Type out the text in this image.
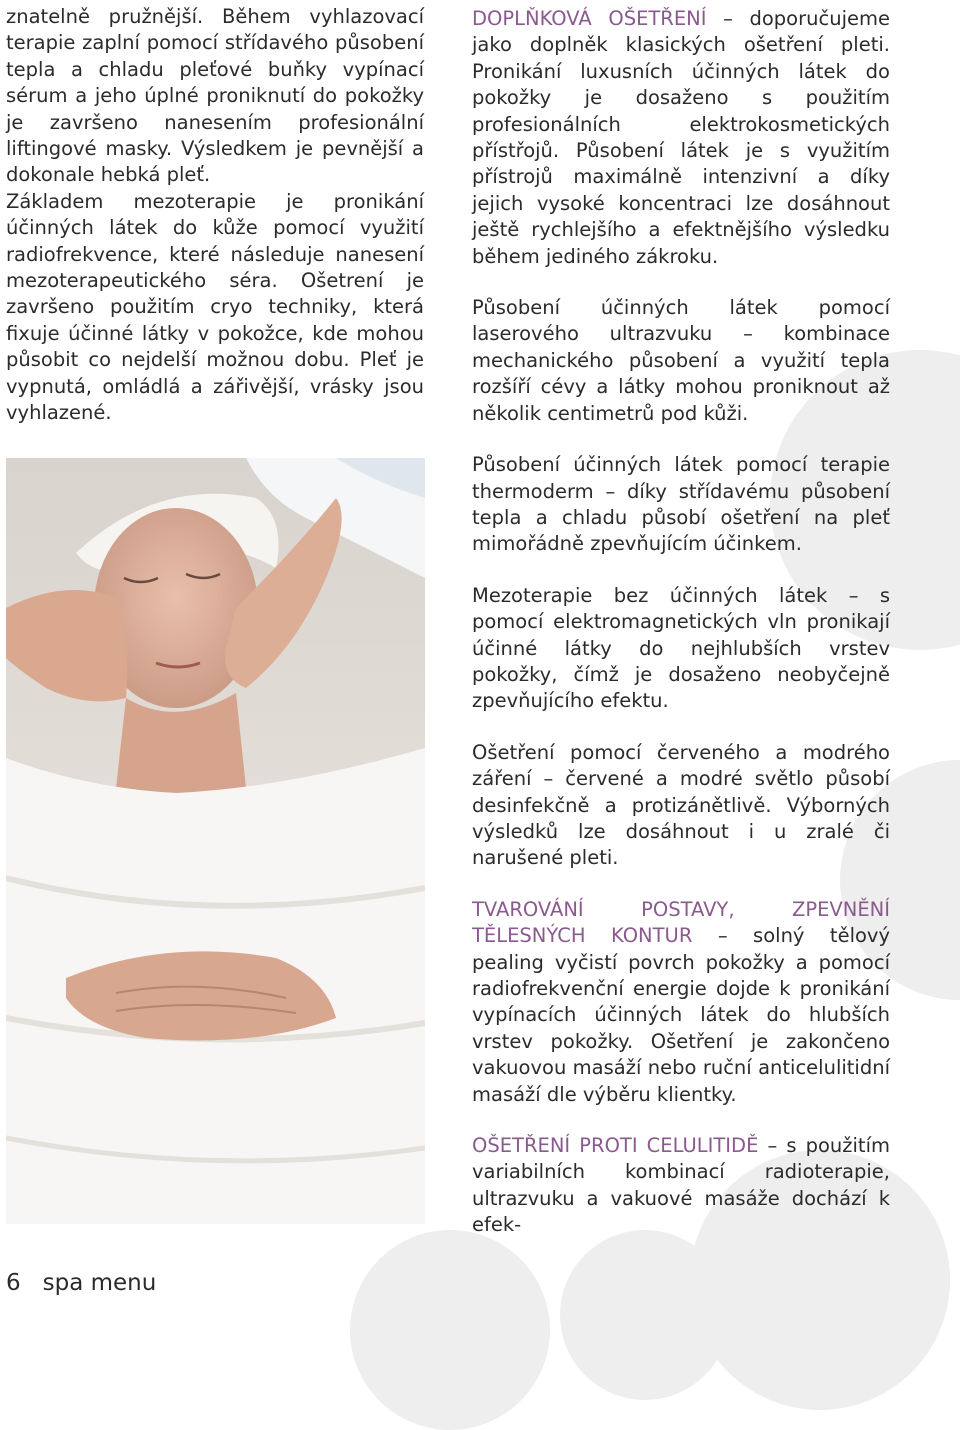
znatelně pružnější. Během vyhlazovací terapie zaplní pomocí střídavého působení tepla a chladu pleťové buňky vypínací sérum a jeho úplné proniknutí do pokožky je završeno nanesením profesionální liftingové masky. Výsledkem je pevnější a dokonale hebká pleť.

Základem mezoterapie je pronikání účinných látek do kůže pomocí využití radiofrekvence, které následuje nanesení mezoterapeutického séra. Ošetrení je završeno použitím cryo techniky, která fixuje účinné látky v pokožce, kde mohou působit co nejdelší možnou dobu. Pleť je vypnutá, omládlá a zářivější, vrásky jsou vyhlazené.

DOPLŇKOVÁ OŠETŘENÍ – doporučujeme jako doplněk klasických ošetření pleti. Pronikání luxusních účinných látek do pokožky je dosaženo s použitím profesionálních elektrokosmetických přístřojů. Působení látek je s využitím přístrojů maximálně intenzivní a díky jejich vysoké koncentraci lze dosáhnout ještě rychlejšího a efektnějšího výsledku během jediného zákroku.

Působení účinných látek pomocí laserového ultrazvuku – kombinace mechanického působení a využití tepla rozšíří cévy a látky mohou proniknout až několik centimetrů pod kůži.

Působení účinných látek pomocí terapie thermoderm – díky střídavému působení tepla a chladu působí ošetření na pleť mimořádně zpevňujícím účinkem.

Mezoterapie bez účinných látek – s pomocí elektromagnetických vln pronikají účinné látky do nejhlubších vrstev pokožky, čímž je dosaženo neobyčejně zpevňujícího efektu.

Ošetření pomocí červeného a modrého záření – červené a modré světlo působí desinfekčně a protizánětlivě. Výborných výsledků lze dosáhnout i u zralé či narušené pleti.

TVAROVÁNÍ POSTAVY, ZPEVNĚNÍ TĚLESNÝCH KONTUR – solný tělový pealing vyčistí povrch pokožky a pomocí radiofrekvenční energie dojde k pronikání vypínacích účinných látek do hlubších vrstev pokožky. Ošetření je zakončeno vakuovou masáží nebo ruční anticelulitidní masáží dle výběru klientky.

OŠETŘENÍ PROTI CELULITIDĚ – s použitím variabilních kombinací radioterapie, ultrazvuku a vakuové masáže dochází k efek-

6 spa menu
